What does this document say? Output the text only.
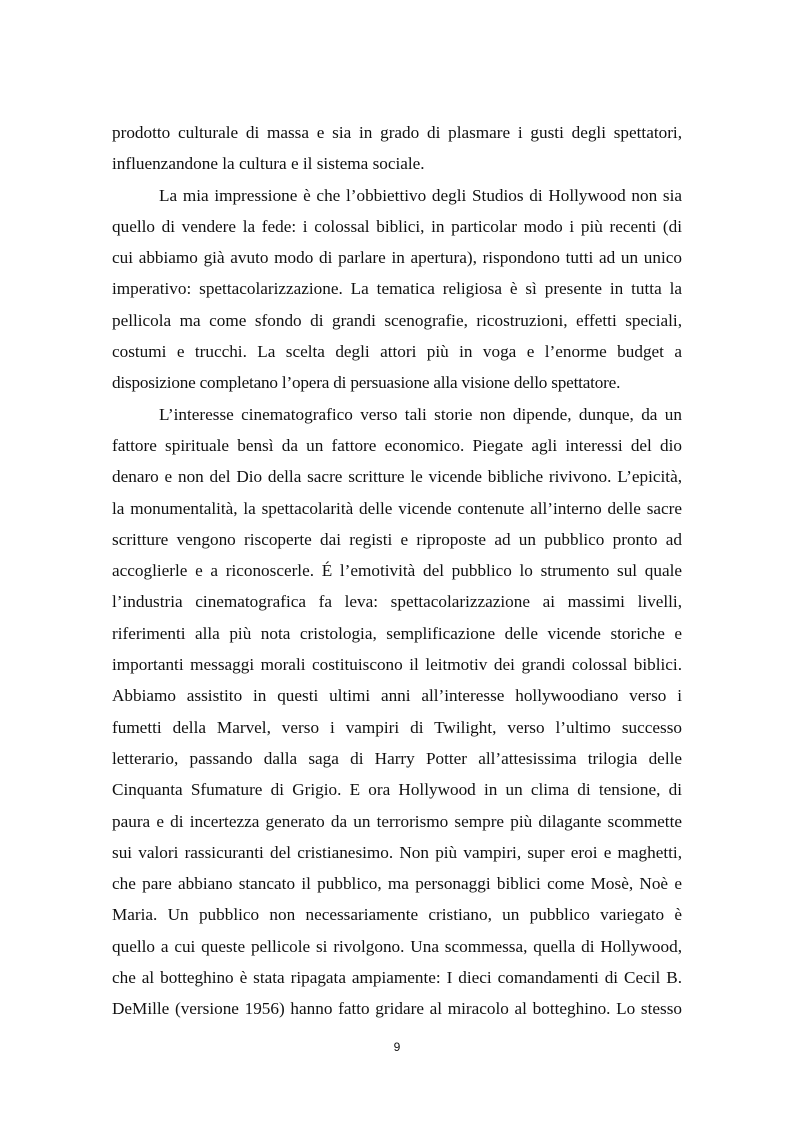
prodotto culturale di massa e sia in grado di plasmare i gusti degli spettatori,

influenzandone la cultura e il sistema sociale.

La mia impressione è che l’obbiettivo degli Studios di Hollywood non sia

quello di vendere la fede: i colossal biblici, in particolar modo i più recenti (di

cui abbiamo già avuto modo di parlare in apertura), rispondono tutti ad un unico

imperativo: spettacolarizzazione. La tematica religiosa è sì presente in tutta la

pellicola ma come sfondo di grandi scenografie, ricostruzioni, effetti speciali,

costumi e trucchi. La scelta degli attori più in voga e l’enorme budget a

disposizione completano l’opera di persuasione alla visione dello spettatore.

L’interesse cinematografico verso tali storie non dipende, dunque, da un

fattore spirituale bensì da un fattore economico. Piegate agli interessi del dio

denaro e non del Dio della sacre scritture le vicende bibliche rivivono. L’epicità,

la monumentalità, la spettacolarità delle vicende contenute all’interno delle sacre

scritture vengono riscoperte dai registi e riproposte ad un pubblico pronto ad

accoglierle e a riconoscerle. É l’emotività del pubblico lo strumento sul quale

l’industria cinematografica fa leva: spettacolarizzazione ai massimi livelli,

riferimenti alla più nota cristologia, semplificazione delle vicende storiche e

importanti messaggi morali costituiscono il leitmotiv dei grandi colossal biblici.

Abbiamo assistito in questi ultimi anni all’interesse hollywoodiano verso i

fumetti della Marvel, verso i vampiri di Twilight, verso l’ultimo successo

letterario, passando dalla saga di Harry Potter all’attesissima trilogia delle

Cinquanta Sfumature di Grigio. E ora Hollywood in un clima di tensione, di

paura e di incertezza generato da un terrorismo sempre più dilagante scommette

sui valori rassicuranti del cristianesimo. Non più vampiri, super eroi e maghetti,

che pare abbiano stancato il pubblico, ma personaggi biblici come Mosè, Noè e

Maria. Un pubblico non necessariamente cristiano, un pubblico variegato è

quello a cui queste pellicole si rivolgono. Una scommessa, quella di Hollywood,

che al botteghino è stata ripagata ampiamente: I dieci comandamenti di Cecil B.

DeMille (versione 1956) hanno fatto gridare al miracolo al botteghino. Lo stesso

9
